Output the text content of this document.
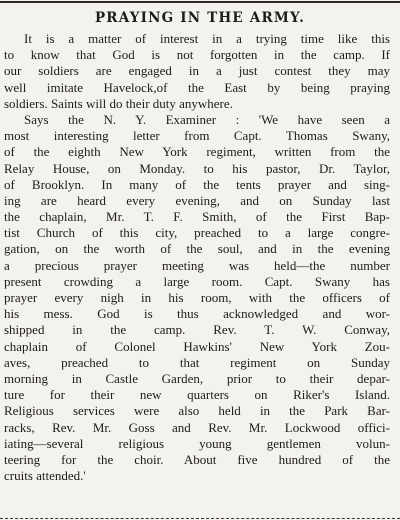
PRAYING IN THE ARMY.
It is a matter of interest in a trying time like this
to know that God is not forgotten in the camp. If
our soldiers are engaged in a just contest they may
well imitate Havelock,of the East by being praying
soldiers. Saints will do their duty anywhere.
Says the N. Y. Examiner : 'We have seen a
most interesting letter from Capt. Thomas Swany,
of the eighth New York regiment, written from the
Relay House, on Monday. to his pastor, Dr. Taylor,
of Brooklyn. In many of the tents prayer and sing-
ing are heard every evening, and on Sunday last
the chaplain, Mr. T. F. Smith, of the First Bap-
tist Church of this city, preached to a large congre-
gation, on the worth of the soul, and in the evening
a precious prayer meeting was held—the number
present crowding a large room. Capt. Swany has
prayer every nigh in his room, with the officers of
his mess. God is thus acknowledged and wor-
shipped in the camp. Rev. T. W. Conway,
chaplain of Colonel Hawkins' New York Zou-
aves, preached to that regiment on Sunday
morning in Castle Garden, prior to their depar-
ture for their new quarters on Riker's Island.
Religious services were also held in the Park Bar-
racks, Rev. Mr. Goss and Rev. Mr. Lockwood offici-
iating—several religious young gentlemen volun-
teering for the choir. About five hundred of the
cruits attended.'
